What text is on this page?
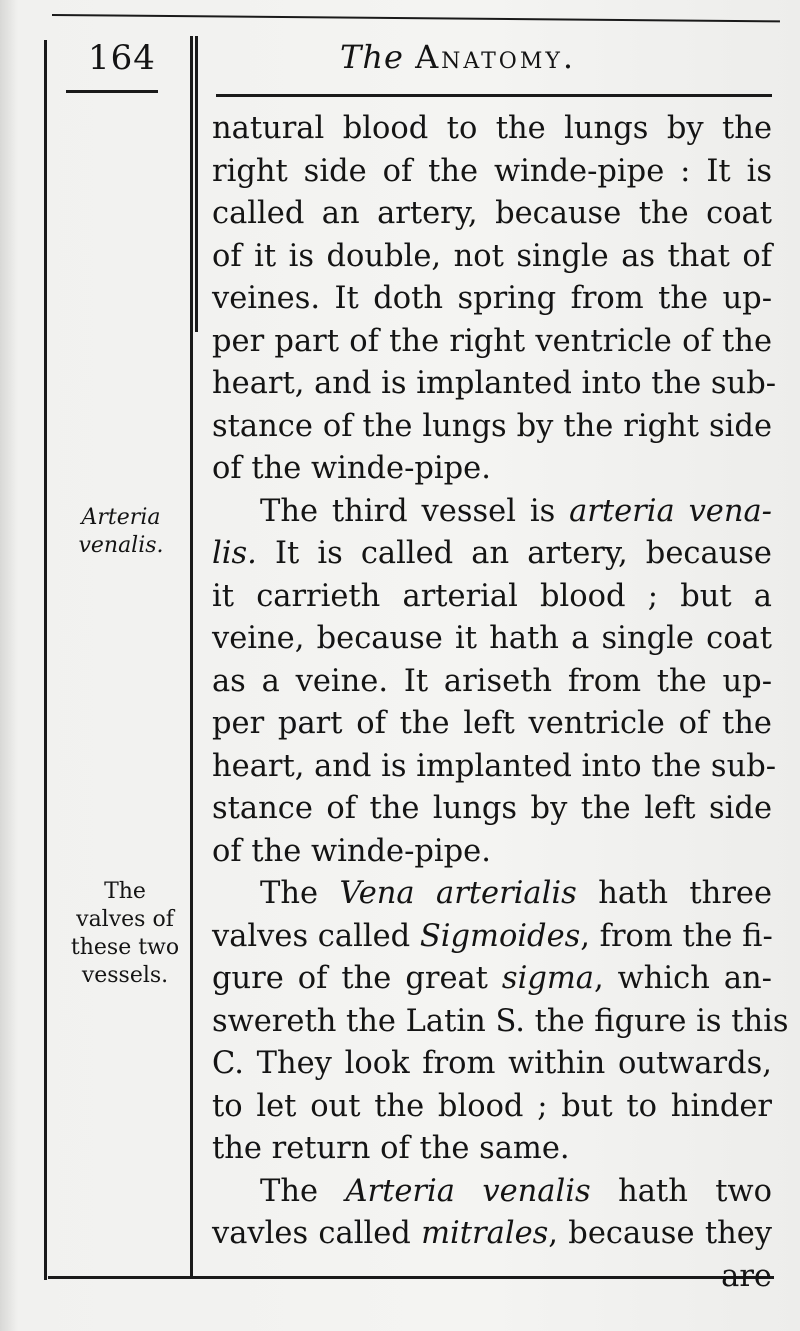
164	The Anatomy.
Arteria
venalis.
The
valves of
these two
vessels.
natural blood to the lungs by the
right side of the winde-pipe : It is
called an artery, because the coat
of it is double, not single as that of
veines. It doth spring from the up-
per part of the right ventricle of the
heart, and is implanted into the sub-
stance of the lungs by the right side
of the winde-pipe.
The third vessel is arteria vena-
lis. It is called an artery, because
it carrieth arterial blood ; but a
veine, because it hath a single coat
as a veine. It ariseth from the up-
per part of the left ventricle of the
heart, and is implanted into the sub-
stance of the lungs by the left side
of the winde-pipe.
The Vena arterialis hath three
valves called Sigmoides, from the fi-
gure of the great sigma, which an-
swereth the Latin S. the figure is this
C. They look from within outwards,
to let out the blood ; but to hinder
the return of the same.
The Arteria venalis hath two
vavles called mitrales, because they
are
